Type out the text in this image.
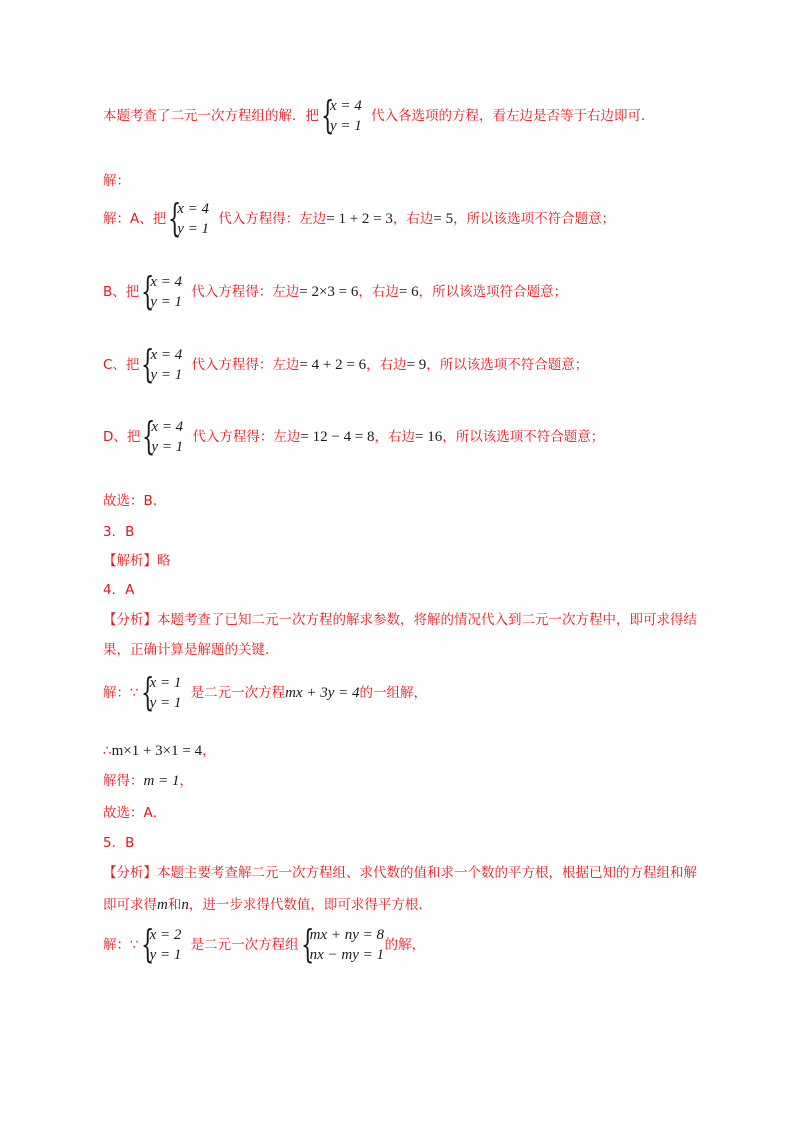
本题考查了二元一次方程组的解．把 {
x = 4
y = 1
代入各选项的方程，看左边是否等于右边即可．
解：
解：A、把 {
x = 4
y = 1
代入方程得：左边= 1 + 2 = 3，右边= 5，所以该选项不符合题意；
B、把 {
x = 4
y = 1
代入方程得：左边= 2×3 = 6，右边= 6，所以该选项符合题意；
C、把 {
x = 4
y = 1
代入方程得：左边= 4 + 2 = 6，右边= 9，所以该选项不符合题意；
D、把 {
x = 4
y = 1
代入方程得：左边= 12 − 4 = 8，右边= 16，所以该选项不符合题意；
故选：B．
3．B
【解析】略
4．A
【分析】本题考查了已知二元一次方程的解求参数，将解的情况代入到二元一次方程中，即可求得结
果，正确计算是解题的关键．
解：∵ {
x = 1
y = 1
是二元一次方程mx + 3y = 4的一组解，
∴m×1 + 3×1 = 4，
解得：m = 1，
故选：A．
5．B
【分析】本题主要考查解二元一次方程组、求代数的值和求一个数的平方根，根据已知的方程组和解
即可求得m和n，进一步求得代数值，即可求得平方根．
解：∵ {
x = 2
y = 1
是二元一次方程组 {
mx + ny = 8
nx − my = 1
的解，
